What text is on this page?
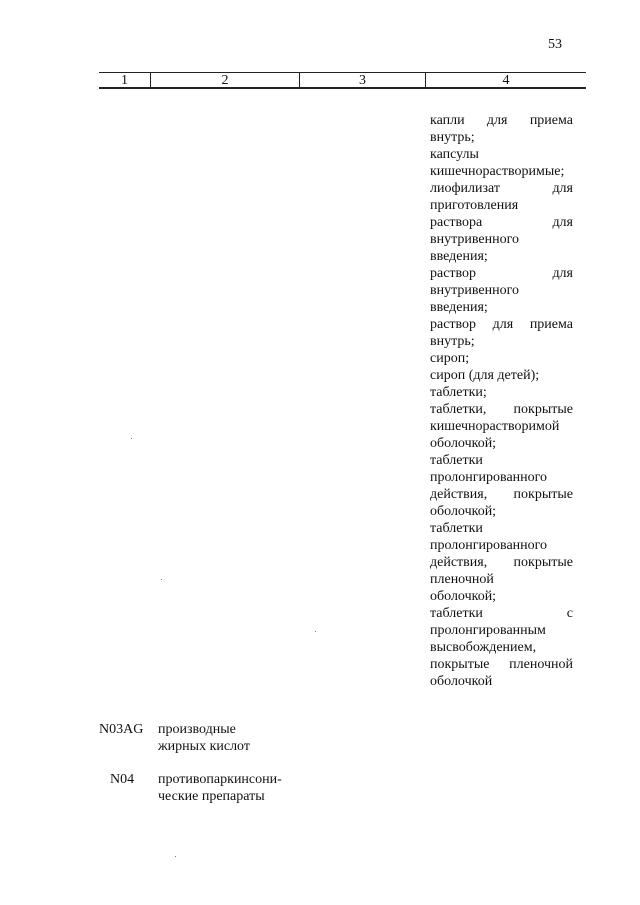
53
1	2	3	4
капли для приема
внутрь;
капсулы
кишечнорастворимые;
лиофилизат	для
приготовления
раствора	для
внутривенного
введения;
раствор	для
внутривенного
введения;
раствор для приема
внутрь;
сироп;
сироп (для детей);
таблетки;
таблетки, покрытые
кишечнорастворимой
оболочкой;
таблетки
пролонгированного
действия, покрытые
оболочкой;
таблетки
пролонгированного
действия, покрытые
пленочной
оболочкой;
таблетки	с
пролонгированным
высвобождением,
покрытые пленочной
оболочкой
N03AG производные
жирных кислот
N04 противопаркинсони-
ческие препараты
